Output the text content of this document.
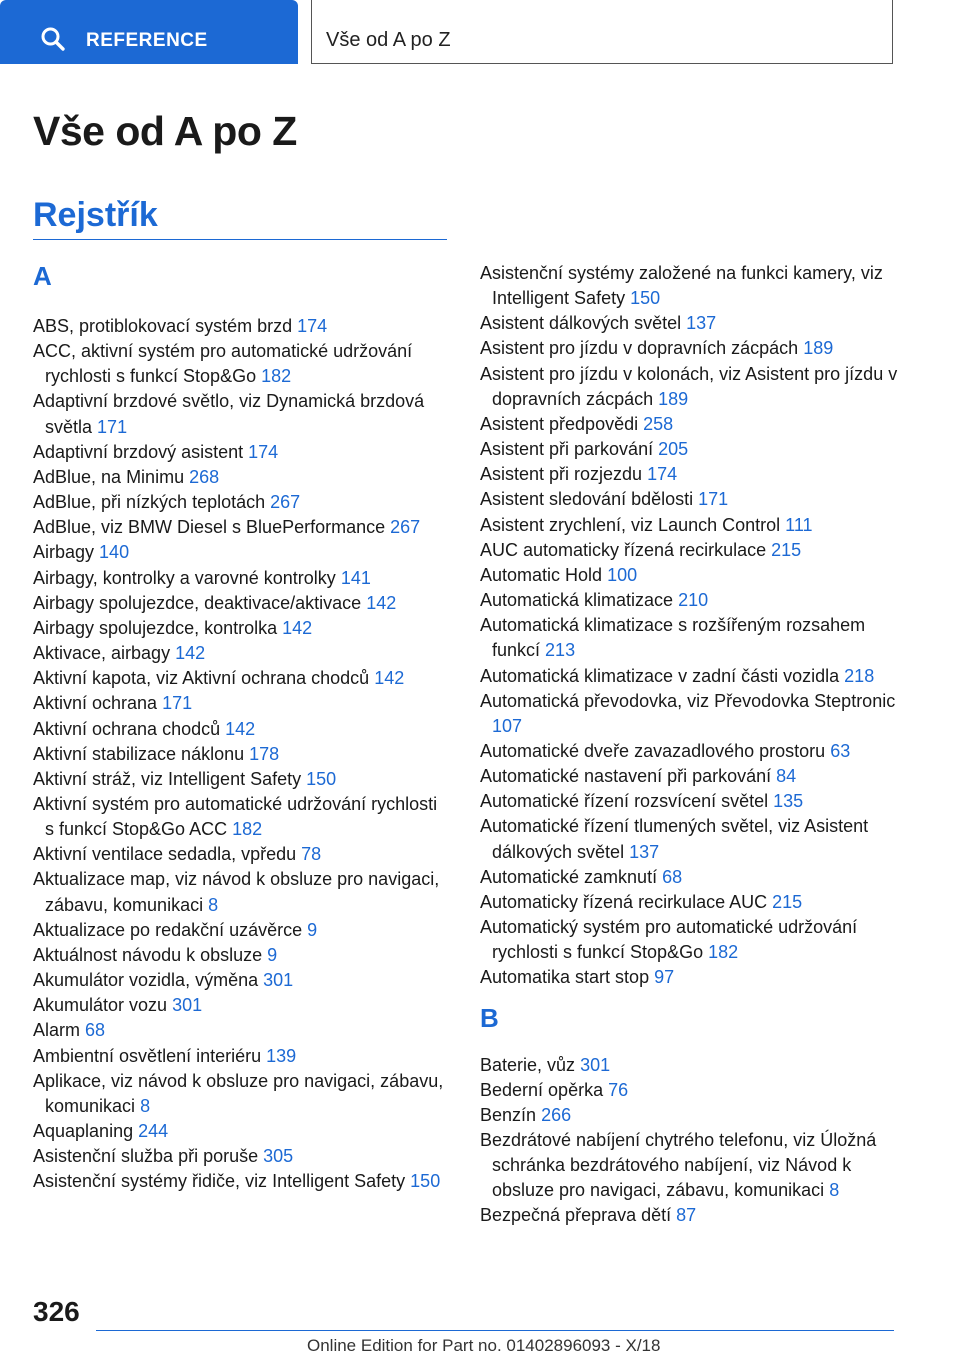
REFERENCE	Vše od A po Z
Vše od A po Z
Rejstřík
A
ABS, protiblokovací systém brzd 174
ACC, aktivní systém pro automatické udržování rychlosti s funkcí Stop&Go 182
Adaptivní brzdové světlo, viz Dynamická brzdová světla 171
Adaptivní brzdový asistent 174
AdBlue, na Minimu 268
AdBlue, při nízkých teplotách 267
AdBlue, viz BMW Diesel s BluePerformance 267
Airbagy 140
Airbagy, kontrolky a varovné kontrolky 141
Airbagy spolujezdce, deaktivace/aktivace 142
Airbagy spolujezdce, kontrolka 142
Aktivace, airbagy 142
Aktivní kapota, viz Aktivní ochrana chodců 142
Aktivní ochrana 171
Aktivní ochrana chodců 142
Aktivní stabilizace náklonu 178
Aktivní stráž, viz Intelligent Safety 150
Aktivní systém pro automatické udržování rychlosti s funkcí Stop&Go ACC 182
Aktivní ventilace sedadla, vpředu 78
Aktualizace map, viz návod k obsluze pro navigaci, zábavu, komunikaci 8
Aktualizace po redakční uzávěrce 9
Aktuálnost návodu k obsluze 9
Akumulátor vozidla, výměna 301
Akumulátor vozu 301
Alarm 68
Ambientní osvětlení interiéru 139
Aplikace, viz návod k obsluze pro navigaci, zábavu, komunikaci 8
Aquaplaning 244
Asistenční služba při poruše 305
Asistenční systémy řidiče, viz Intelligent Safety 150
Asistenční systémy založené na funkci kamery, viz Intelligent Safety 150
Asistent dálkových světel 137
Asistent pro jízdu v dopravních zácpách 189
Asistent pro jízdu v kolonách, viz Asistent pro jízdu v dopravních zácpách 189
Asistent předpovědi 258
Asistent při parkování 205
Asistent při rozjezdu 174
Asistent sledování bdělosti 171
Asistent zrychlení, viz Launch Control 111
AUC automaticky řízená recirkulace 215
Automatic Hold 100
Automatická klimatizace 210
Automatická klimatizace s rozšířeným rozsahem funkcí 213
Automatická klimatizace v zadní části vozidla 218
Automatická převodovka, viz Převodovka Steptronic 107
Automatické dveře zavazadlového prostoru 63
Automatické nastavení při parkování 84
Automatické řízení rozsvícení světel 135
Automatické řízení tlumených světel, viz Asistent dálkových světel 137
Automatické zamknutí 68
Automaticky řízená recirkulace AUC 215
Automatický systém pro automatické udržování rychlosti s funkcí Stop&Go 182
Automatika start stop 97
B
Baterie, vůz 301
Bederní opěrka 76
Benzín 266
Bezdrátové nabíjení chytrého telefonu, viz Úložná schránka bezdrátového nabíjení, viz Návod k obsluze pro navigaci, zábavu, komunikaci 8
Bezpečná přeprava dětí 87
326
Online Edition for Part no. 01402896093 - X/18
